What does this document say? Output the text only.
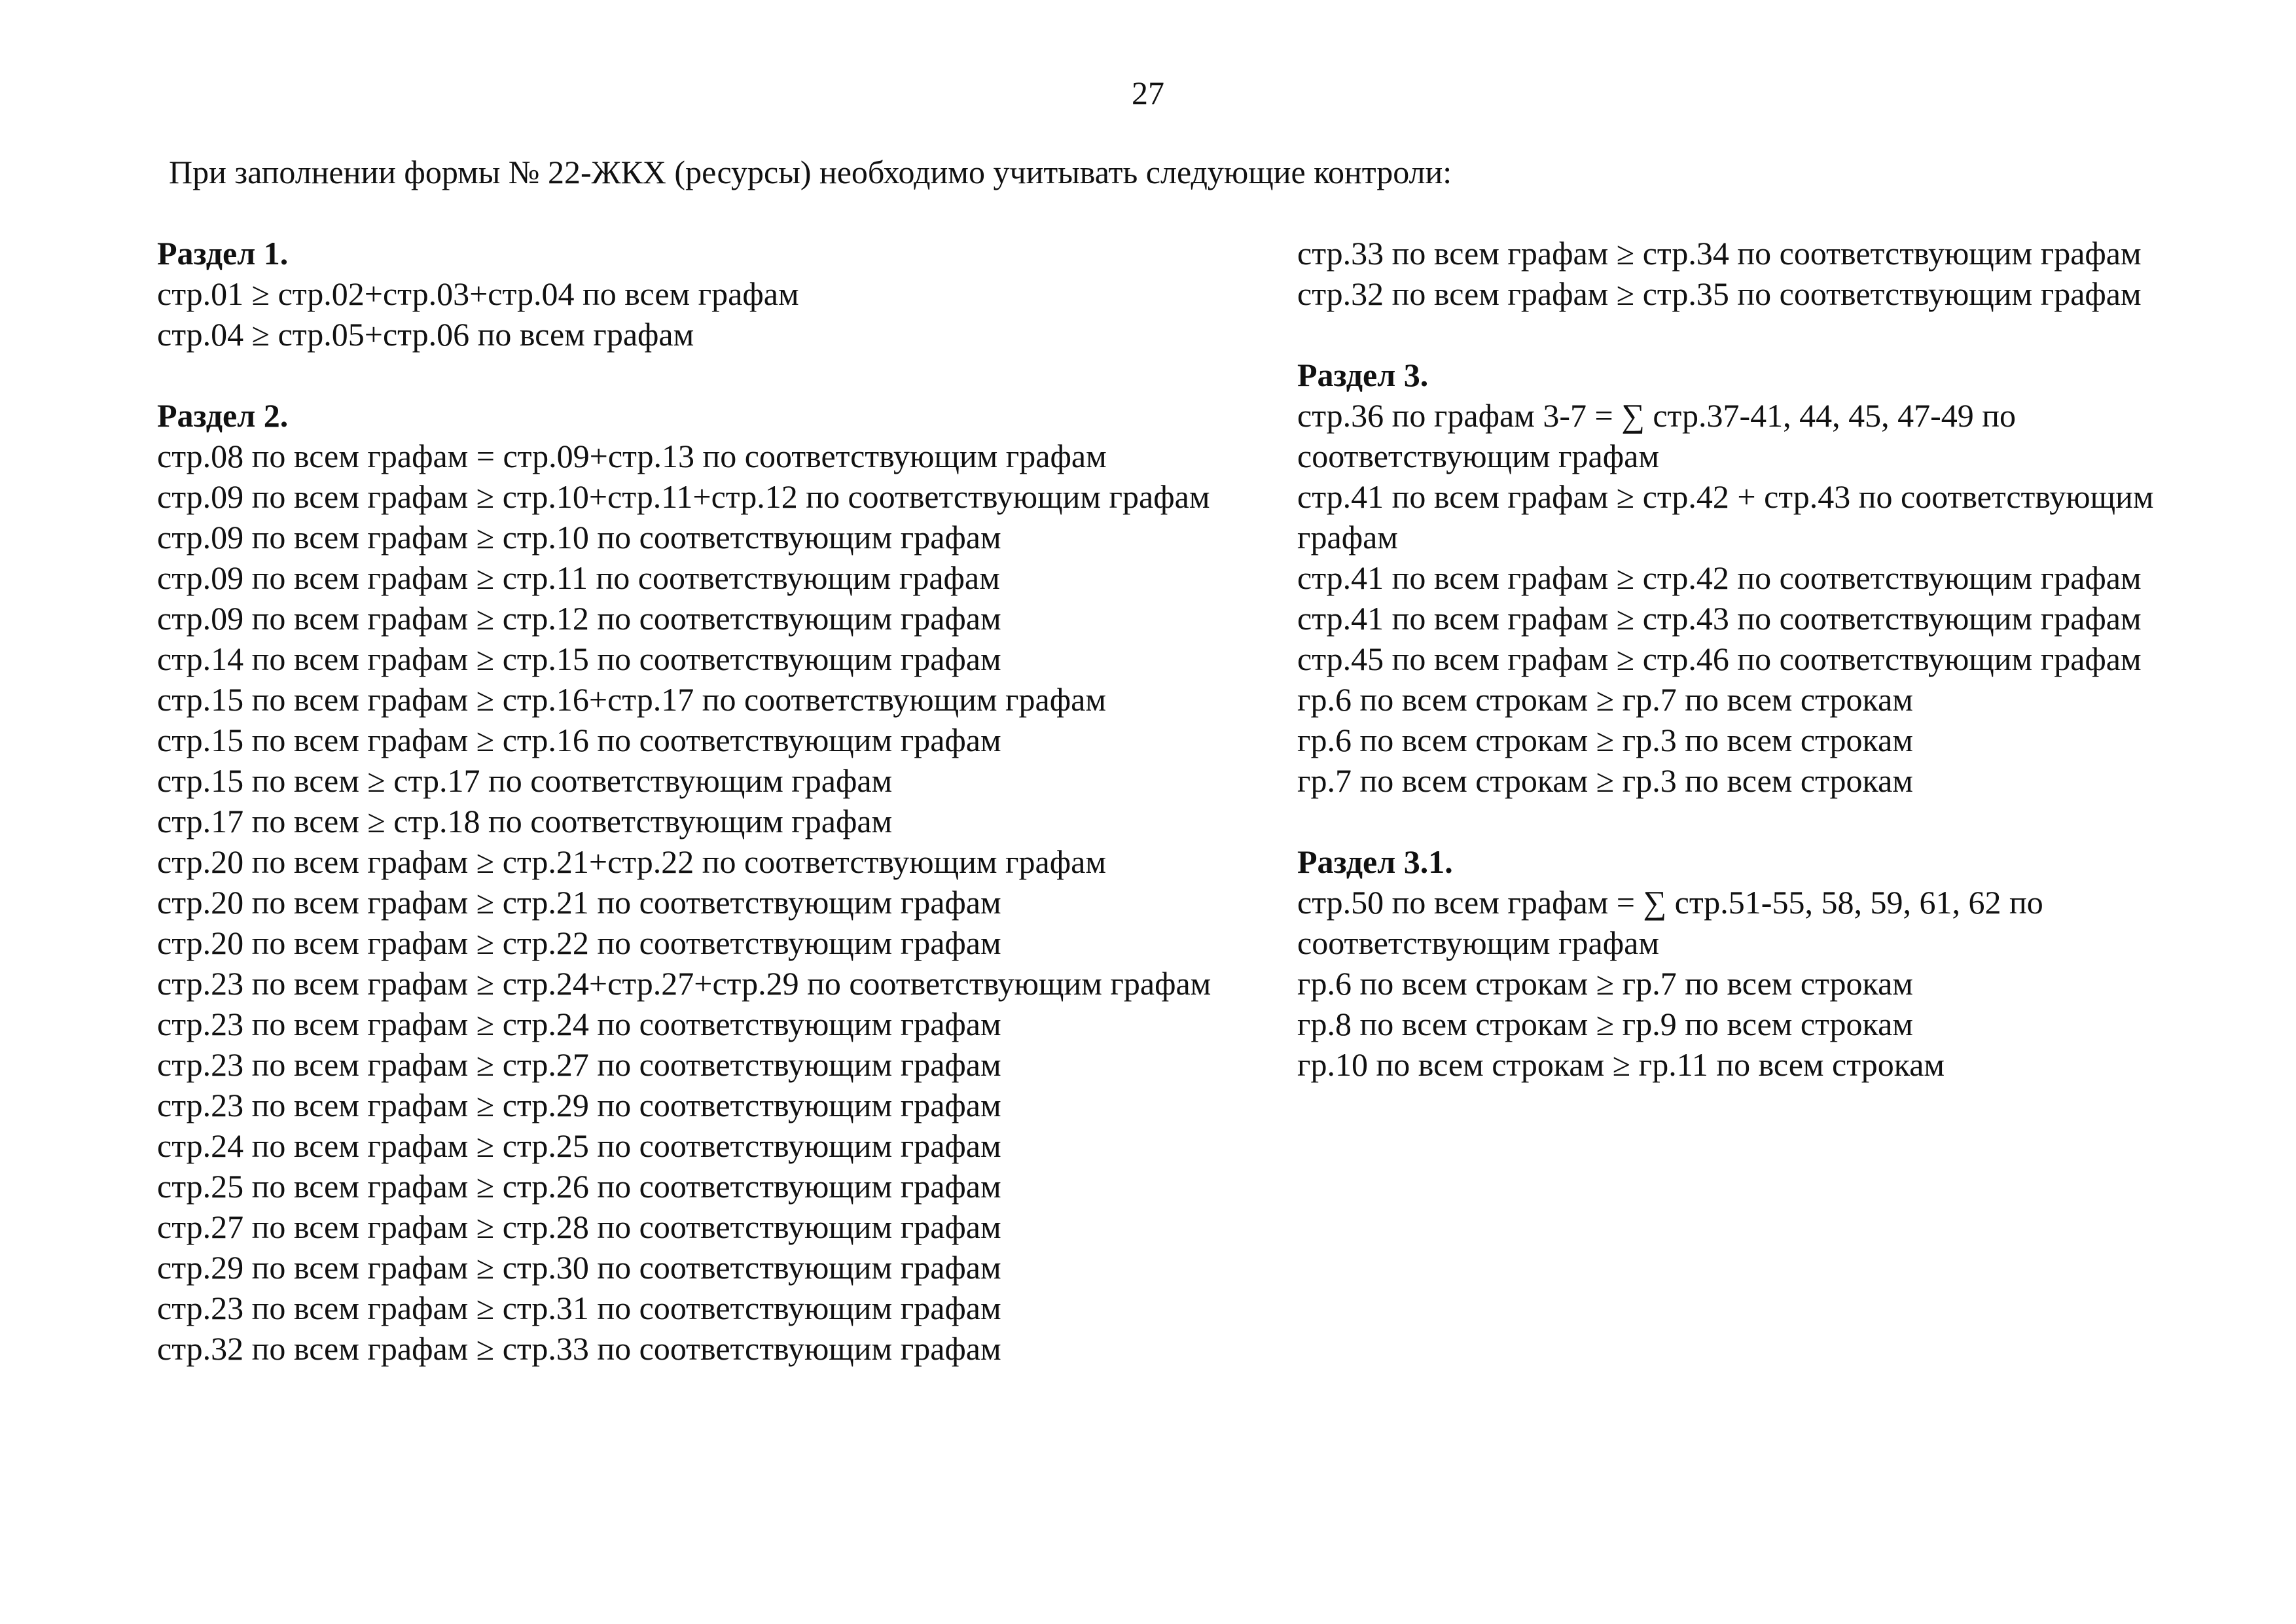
27
При заполнении формы № 22-ЖКХ (ресурсы) необходимо учитывать следующие контроли:
Раздел 1.
стр.01 ≥ стр.02+стр.03+стр.04 по всем графам
стр.04 ≥ стр.05+стр.06 по всем графам
Раздел 2.
стр.08 по всем графам = стр.09+стр.13 по соответствующим графам
стр.09 по всем графам ≥ стр.10+стр.11+стр.12 по соответствующим графам
стр.09 по всем графам ≥ стр.10 по соответствующим графам
стр.09 по всем графам ≥ стр.11 по соответствующим графам
стр.09 по всем графам ≥ стр.12 по соответствующим графам
стр.14 по всем графам ≥ стр.15 по соответствующим графам
стр.15 по всем графам ≥ стр.16+стр.17 по соответствующим графам
стр.15 по всем графам ≥ стр.16 по соответствующим графам
стр.15 по всем ≥ стр.17 по соответствующим графам
стр.17 по всем ≥ стр.18 по соответствующим графам
стр.20 по всем графам ≥ стр.21+стр.22 по соответствующим графам
стр.20 по всем графам ≥ стр.21 по соответствующим графам
стр.20 по всем графам ≥ стр.22 по соответствующим графам
стр.23 по всем графам ≥ стр.24+стр.27+стр.29 по соответствующим графам
стр.23 по всем графам ≥ стр.24 по соответствующим графам
стр.23 по всем графам ≥ стр.27 по соответствующим графам
стр.23 по всем графам ≥ стр.29 по соответствующим графам
стр.24 по всем графам ≥ стр.25 по соответствующим графам
стр.25 по всем графам ≥ стр.26 по соответствующим графам
стр.27 по всем графам ≥ стр.28 по соответствующим графам
стр.29 по всем графам ≥ стр.30 по соответствующим графам
стр.23 по всем графам ≥ стр.31 по соответствующим графам
стр.32 по всем графам ≥ стр.33 по соответствующим графам
стр.33 по всем графам ≥ стр.34 по соответствующим графам
стр.32 по всем графам ≥ стр.35 по соответствующим графам
Раздел 3.
стр.36 по графам 3-7 = ∑ стр.37-41, 44, 45, 47-49 по соответствующим графам
стр.41 по всем графам ≥ стр.42 + стр.43 по соответствующим графам
стр.41 по всем графам ≥ стр.42 по соответствующим графам
стр.41 по всем графам ≥ стр.43 по соответствующим графам
стр.45 по всем графам ≥ стр.46 по соответствующим графам
гр.6 по всем строкам ≥ гр.7 по всем строкам
гр.6 по всем строкам ≥ гр.3 по всем строкам
гр.7 по всем строкам ≥ гр.3 по всем строкам
Раздел 3.1.
стр.50 по всем графам = ∑ стр.51-55, 58, 59, 61, 62 по соответствующим графам
гр.6 по всем строкам ≥ гр.7 по всем строкам
гр.8 по всем строкам ≥ гр.9 по всем строкам
гр.10 по всем строкам ≥ гр.11 по всем строкам
